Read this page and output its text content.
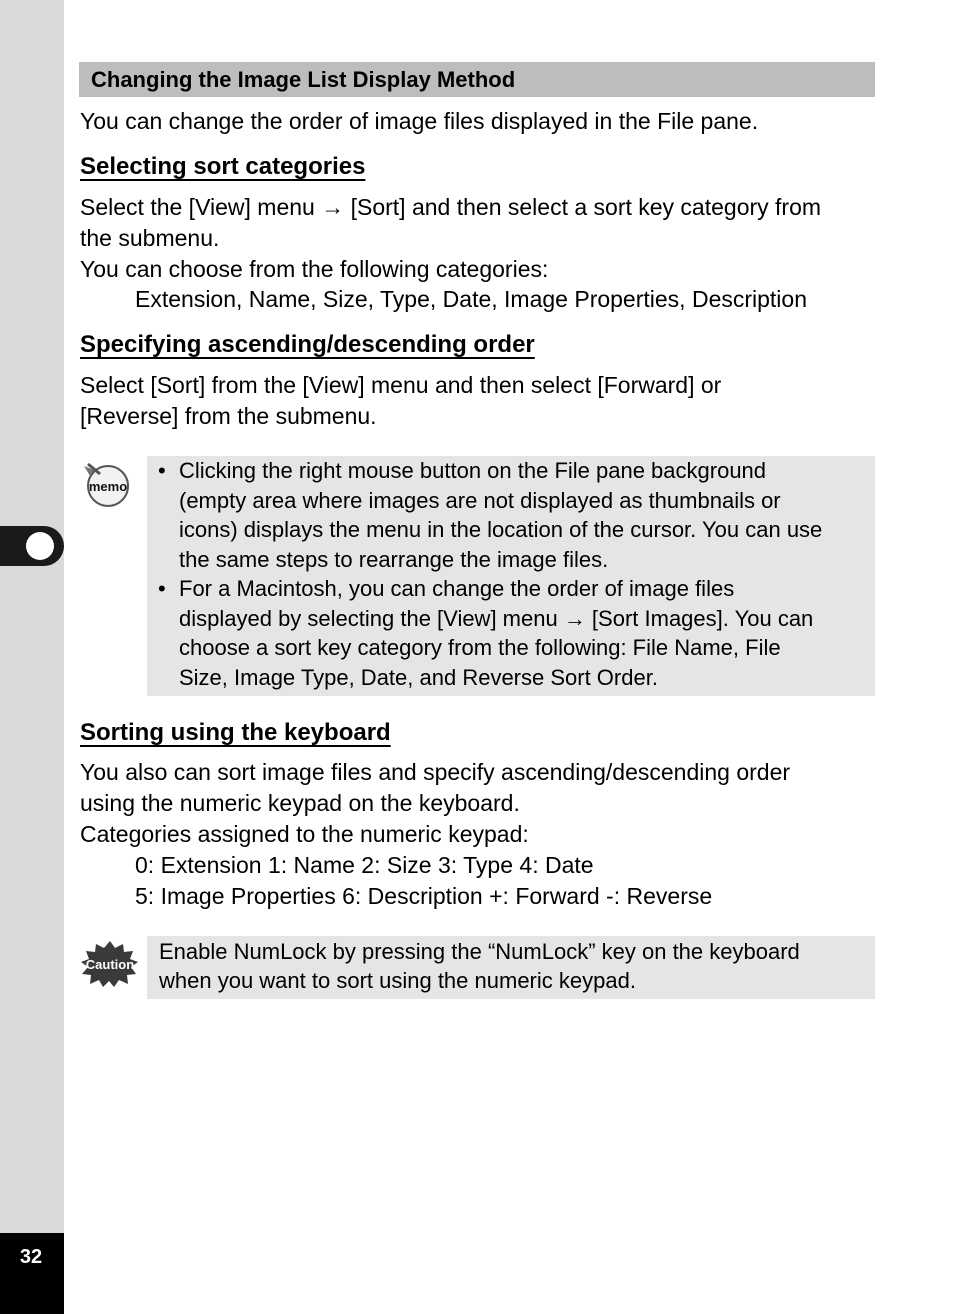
32
Changing the Image List Display Method
You can change the order of image files displayed in the File pane.
Selecting sort categories
Select the [View] menu → [Sort] and then select a sort key category from
the submenu.
You can choose from the following categories:
Extension, Name, Size, Type, Date, Image Properties, Description
Specifying ascending/descending order
Select [Sort] from the [View] menu and then select [Forward] or
[Reverse] from the submenu.
memo
• Clicking the right mouse button on the File pane background
(empty area where images are not displayed as thumbnails or
icons) displays the menu in the location of the cursor. You can use
the same steps to rearrange the image files.
• For a Macintosh, you can change the order of image files
displayed by selecting the [View] menu → [Sort Images]. You can
choose a sort key category from the following: File Name, File
Size, Image Type, Date, and Reverse Sort Order.
Sorting using the keyboard
You also can sort image files and specify ascending/descending order
using the numeric keypad on the keyboard.
Categories assigned to the numeric keypad:
0: Extension 1: Name 2: Size 3: Type 4: Date
5: Image Properties 6: Description +: Forward -: Reverse
Caution
Enable NumLock by pressing the “NumLock” key on the keyboard
when you want to sort using the numeric keypad.
